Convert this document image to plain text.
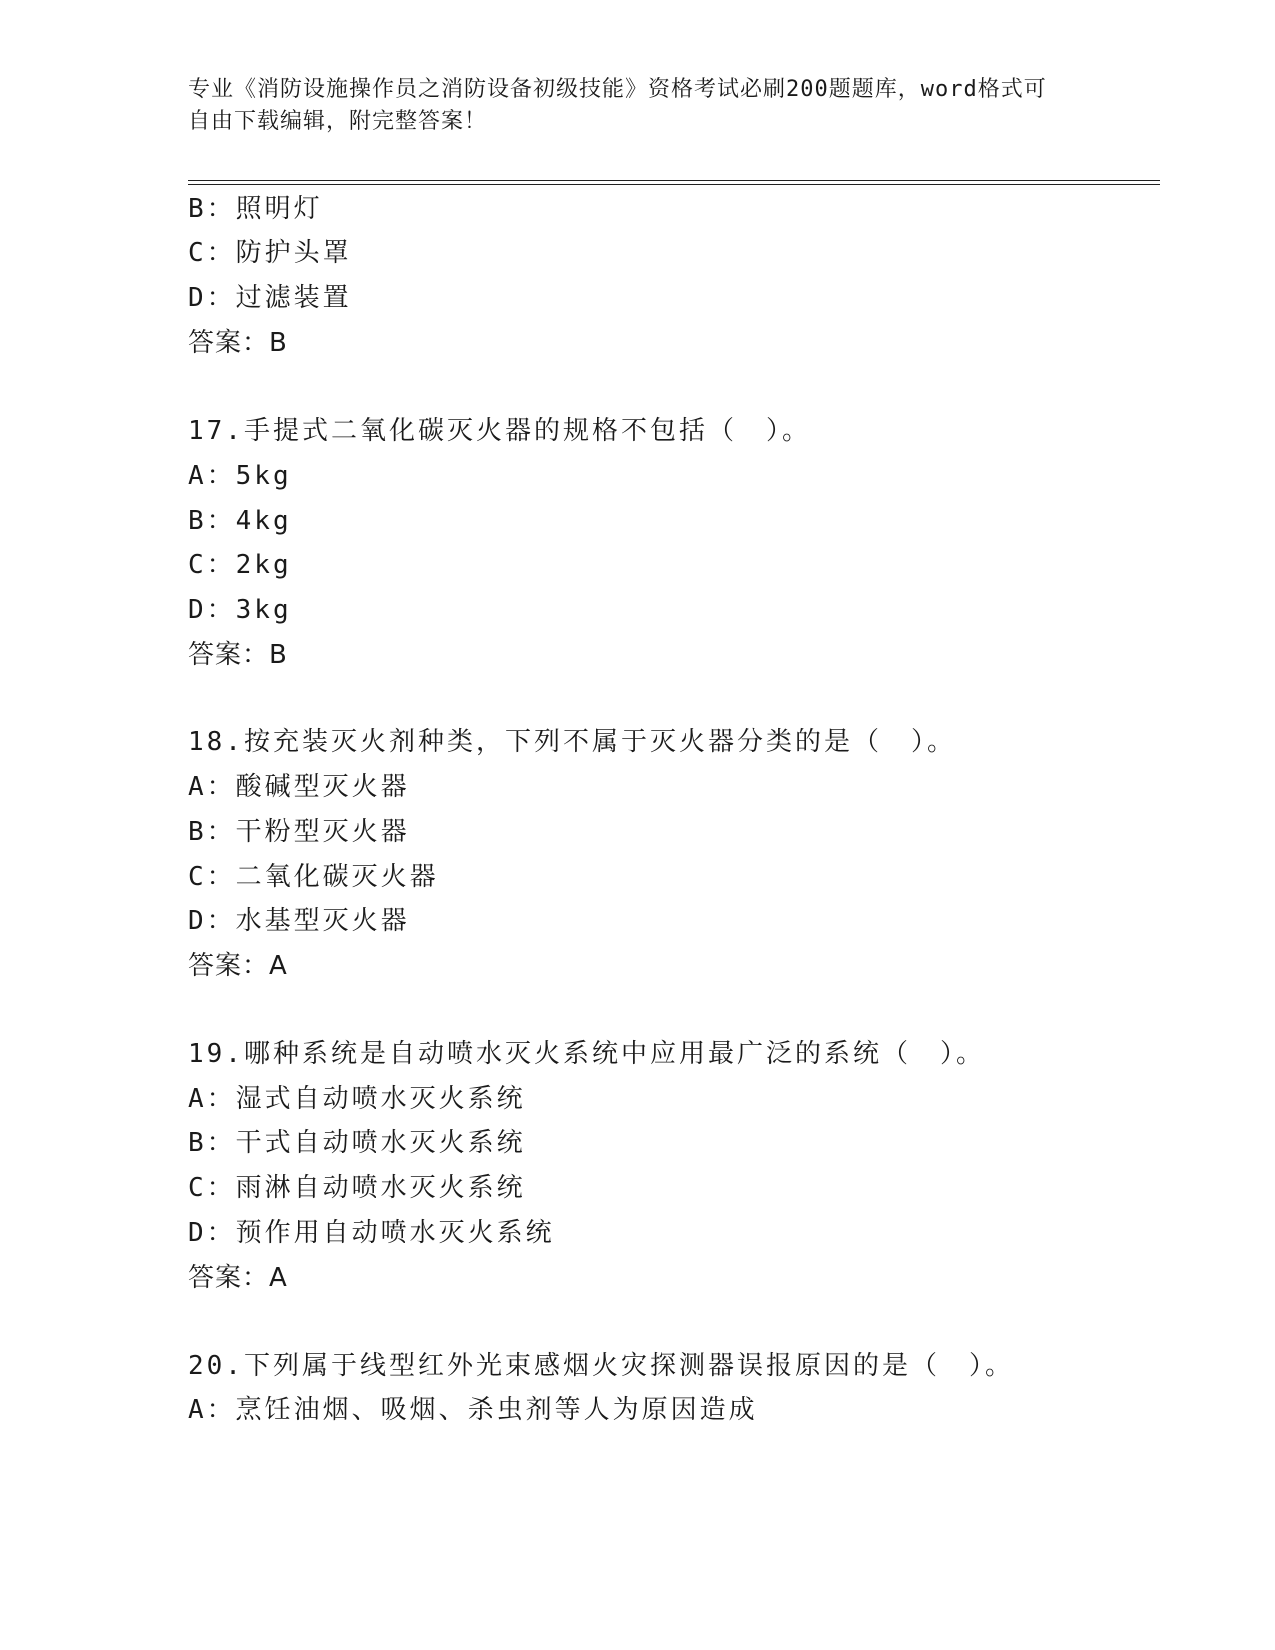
专业《消防设施操作员之消防设备初级技能》资格考试必刷200题题库，word格式可自由下载编辑，附完整答案！
B：照明灯
C：防护头罩
D：过滤装置
答案：B
17.手提式二氧化碳灭火器的规格不包括（　）。
A：5kg
B：4kg
C：2kg
D：3kg
答案：B
18.按充装灭火剂种类，下列不属于灭火器分类的是（　）。
A：酸碱型灭火器
B：干粉型灭火器
C：二氧化碳灭火器
D：水基型灭火器
答案：A
19.哪种系统是自动喷水灭火系统中应用最广泛的系统（　）。
A：湿式自动喷水灭火系统
B：干式自动喷水灭火系统
C：雨淋自动喷水灭火系统
D：预作用自动喷水灭火系统
答案：A
20.下列属于线型红外光束感烟火灾探测器误报原因的是（　）。
A：烹饪油烟、吸烟、杀虫剂等人为原因造成
